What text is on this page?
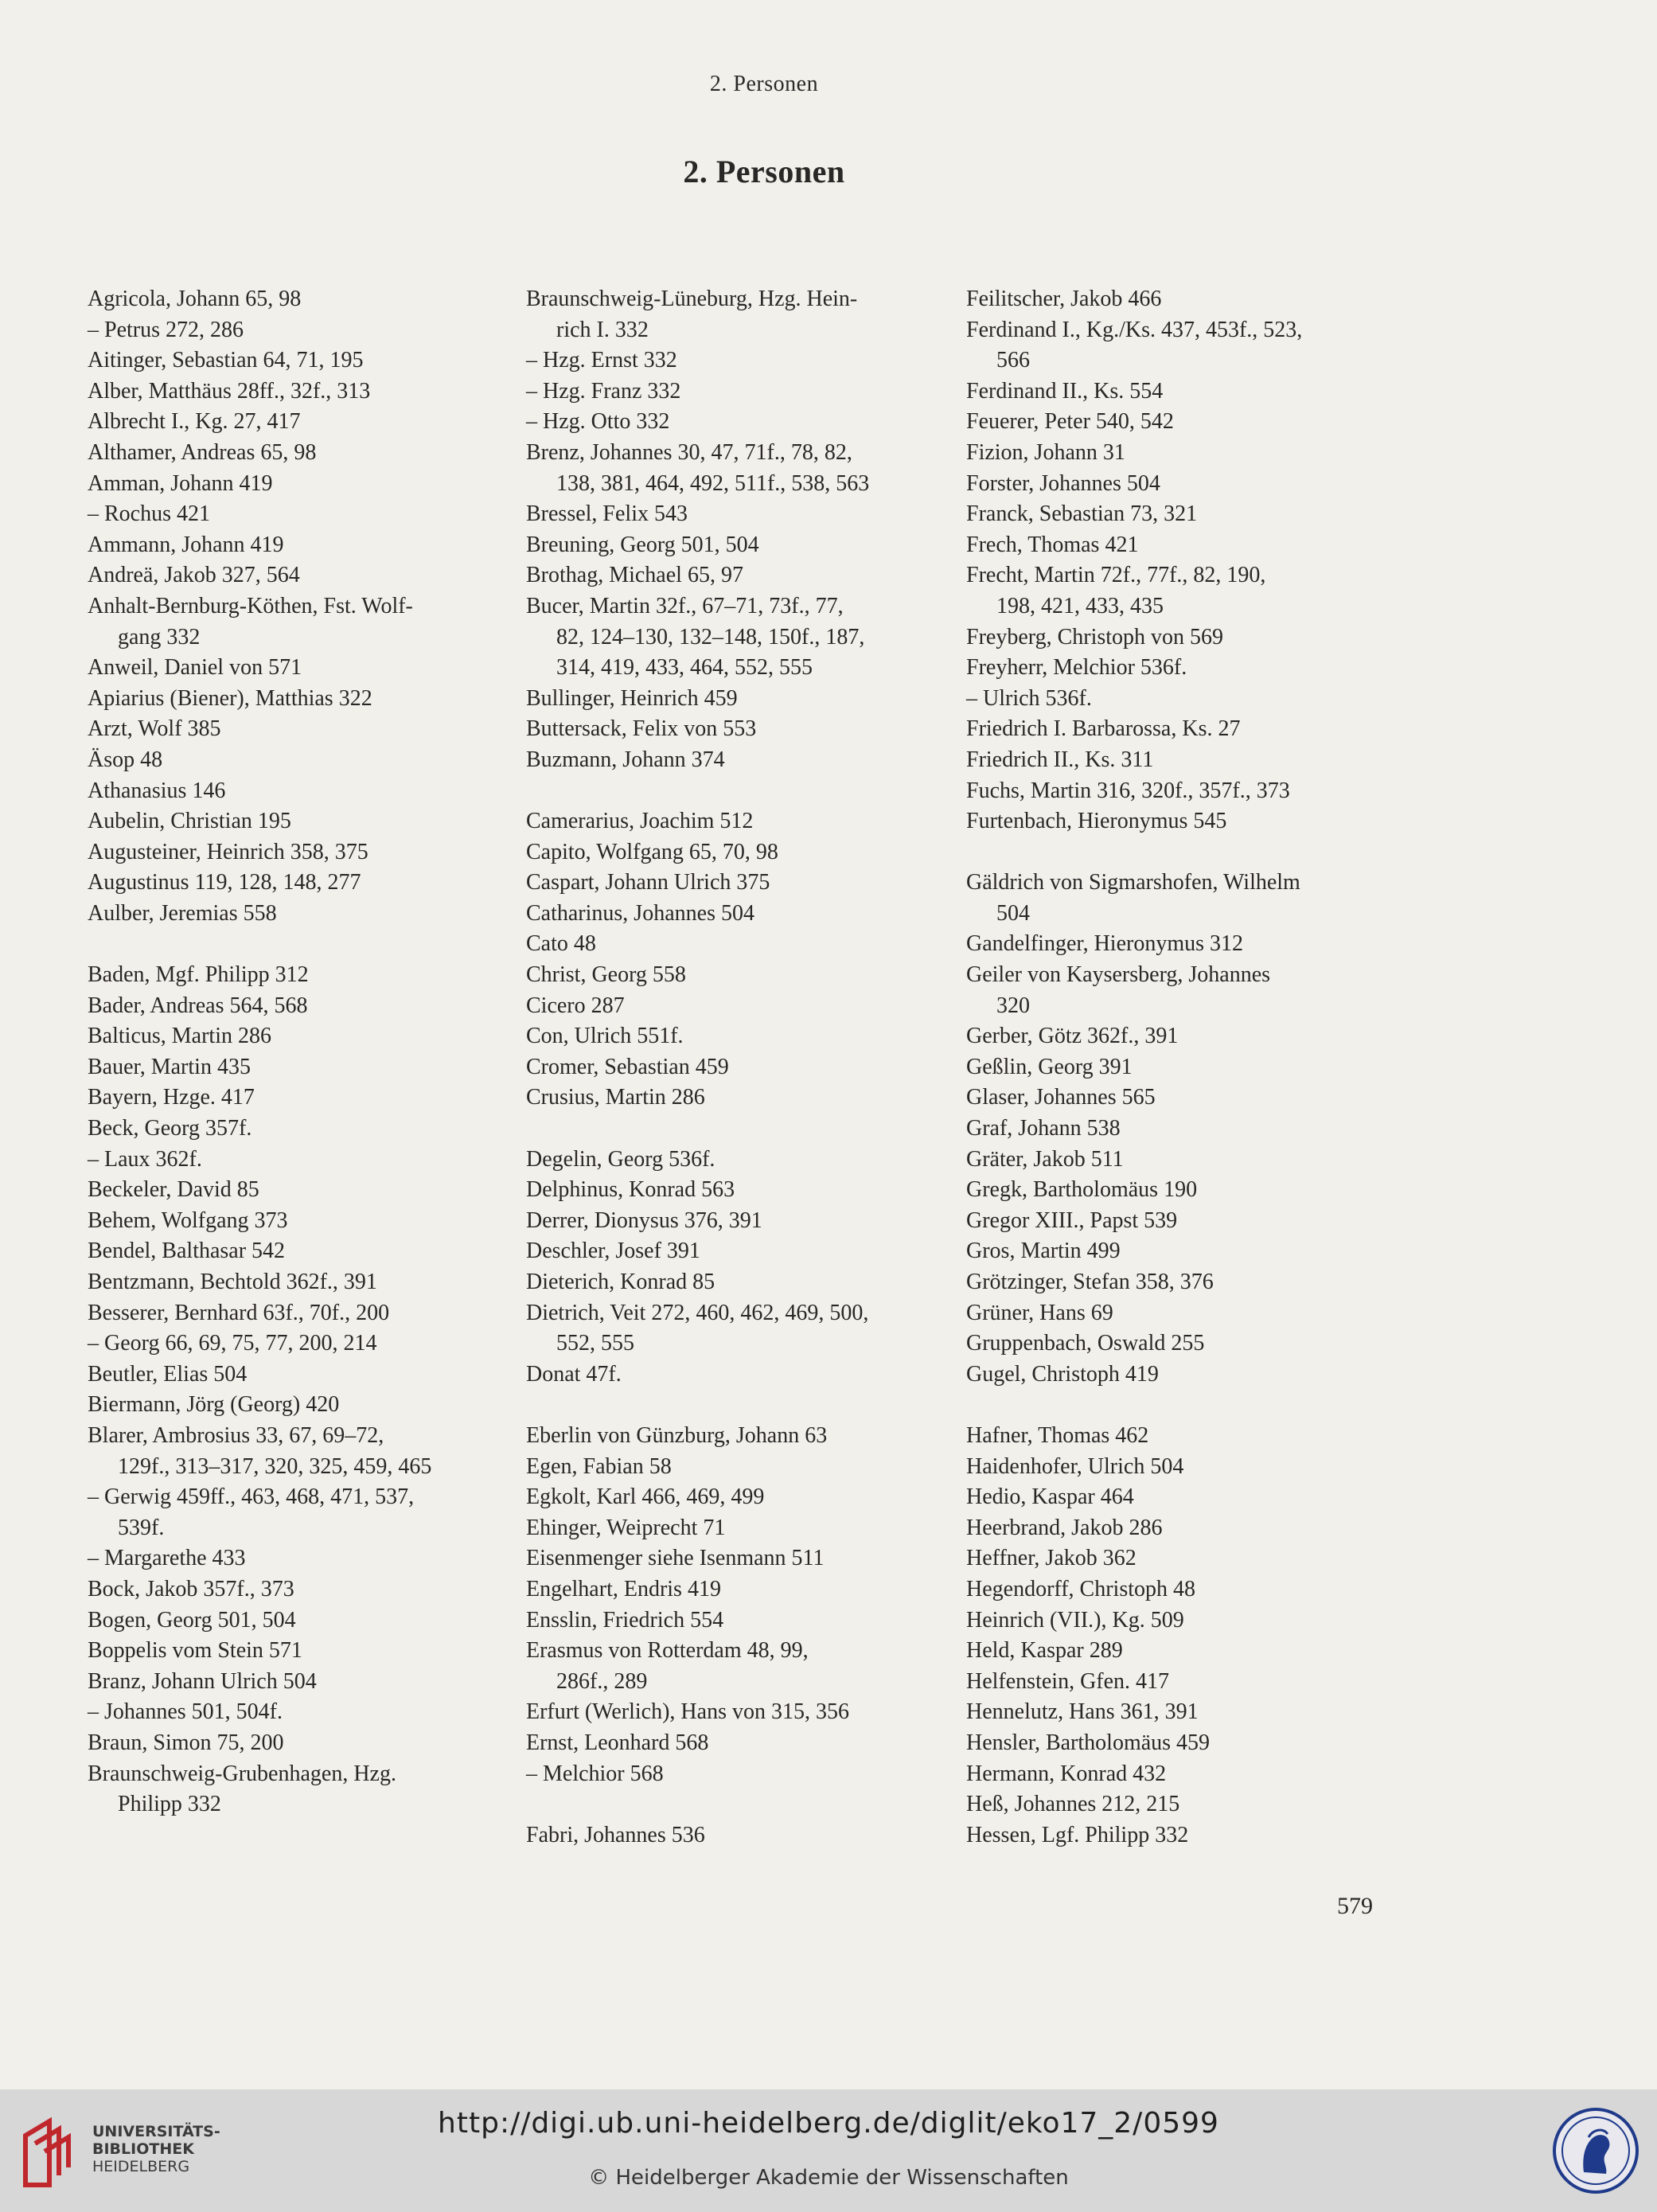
2. Personen
2. Personen
Agricola, Johann 65, 98
– Petrus 272, 286
Aitinger, Sebastian 64, 71, 195
Alber, Matthäus 28ff., 32f., 313
Albrecht I., Kg. 27, 417
Althamer, Andreas 65, 98
Amman, Johann 419
– Rochus 421
Ammann, Johann 419
Andreä, Jakob 327, 564
Anhalt-Bernburg-Köthen, Fst. Wolf-
gang 332
Anweil, Daniel von 571
Apiarius (Biener), Matthias 322
Arzt, Wolf 385
Äsop 48
Athanasius 146
Aubelin, Christian 195
Augusteiner, Heinrich 358, 375
Augustinus 119, 128, 148, 277
Aulber, Jeremias 558
Baden, Mgf. Philipp 312
Bader, Andreas 564, 568
Balticus, Martin 286
Bauer, Martin 435
Bayern, Hzge. 417
Beck, Georg 357f.
– Laux 362f.
Beckeler, David 85
Behem, Wolfgang 373
Bendel, Balthasar 542
Bentzmann, Bechtold 362f., 391
Besserer, Bernhard 63f., 70f., 200
– Georg 66, 69, 75, 77, 200, 214
Beutler, Elias 504
Biermann, Jörg (Georg) 420
Blarer, Ambrosius 33, 67, 69–72,
129f., 313–317, 320, 325, 459, 465
– Gerwig 459ff., 463, 468, 471, 537,
539f.
– Margarethe 433
Bock, Jakob 357f., 373
Bogen, Georg 501, 504
Boppelis vom Stein 571
Branz, Johann Ulrich 504
– Johannes 501, 504f.
Braun, Simon 75, 200
Braunschweig-Grubenhagen, Hzg.
Philipp 332
Braunschweig-Lüneburg, Hzg. Hein-
rich I. 332
– Hzg. Ernst 332
– Hzg. Franz 332
– Hzg. Otto 332
Brenz, Johannes 30, 47, 71f., 78, 82,
138, 381, 464, 492, 511f., 538, 563
Bressel, Felix 543
Breuning, Georg 501, 504
Brothag, Michael 65, 97
Bucer, Martin 32f., 67–71, 73f., 77,
82, 124–130, 132–148, 150f., 187,
314, 419, 433, 464, 552, 555
Bullinger, Heinrich 459
Buttersack, Felix von 553
Buzmann, Johann 374
Camerarius, Joachim 512
Capito, Wolfgang 65, 70, 98
Caspart, Johann Ulrich 375
Catharinus, Johannes 504
Cato 48
Christ, Georg 558
Cicero 287
Con, Ulrich 551f.
Cromer, Sebastian 459
Crusius, Martin 286
Degelin, Georg 536f.
Delphinus, Konrad 563
Derrer, Dionysus 376, 391
Deschler, Josef 391
Dieterich, Konrad 85
Dietrich, Veit 272, 460, 462, 469, 500,
552, 555
Donat 47f.
Eberlin von Günzburg, Johann 63
Egen, Fabian 58
Egkolt, Karl 466, 469, 499
Ehinger, Weiprecht 71
Eisenmenger siehe Isenmann 511
Engelhart, Endris 419
Ensslin, Friedrich 554
Erasmus von Rotterdam 48, 99,
286f., 289
Erfurt (Werlich), Hans von 315, 356
Ernst, Leonhard 568
– Melchior 568
Fabri, Johannes 536
Feilitscher, Jakob 466
Ferdinand I., Kg./Ks. 437, 453f., 523,
566
Ferdinand II., Ks. 554
Feuerer, Peter 540, 542
Fizion, Johann 31
Forster, Johannes 504
Franck, Sebastian 73, 321
Frech, Thomas 421
Frecht, Martin 72f., 77f., 82, 190,
198, 421, 433, 435
Freyberg, Christoph von 569
Freyherr, Melchior 536f.
– Ulrich 536f.
Friedrich I. Barbarossa, Ks. 27
Friedrich II., Ks. 311
Fuchs, Martin 316, 320f., 357f., 373
Furtenbach, Hieronymus 545
Gäldrich von Sigmarshofen, Wilhelm
504
Gandelfinger, Hieronymus 312
Geiler von Kaysersberg, Johannes
320
Gerber, Götz 362f., 391
Geßlin, Georg 391
Glaser, Johannes 565
Graf, Johann 538
Gräter, Jakob 511
Gregk, Bartholomäus 190
Gregor XIII., Papst 539
Gros, Martin 499
Grötzinger, Stefan 358, 376
Grüner, Hans 69
Gruppenbach, Oswald 255
Gugel, Christoph 419
Hafner, Thomas 462
Haidenhofer, Ulrich 504
Hedio, Kaspar 464
Heerbrand, Jakob 286
Heffner, Jakob 362
Hegendorff, Christoph 48
Heinrich (VII.), Kg. 509
Held, Kaspar 289
Helfenstein, Gfen. 417
Hennelutz, Hans 361, 391
Hensler, Bartholomäus 459
Hermann, Konrad 432
Heß, Johannes 212, 215
Hessen, Lgf. Philipp 332
579
UNIVERSITÄTS-
BIBLIOTHEK
HEIDELBERG
http://digi.ub.uni-heidelberg.de/diglit/eko17_2/0599
© Heidelberger Akademie der Wissenschaften
